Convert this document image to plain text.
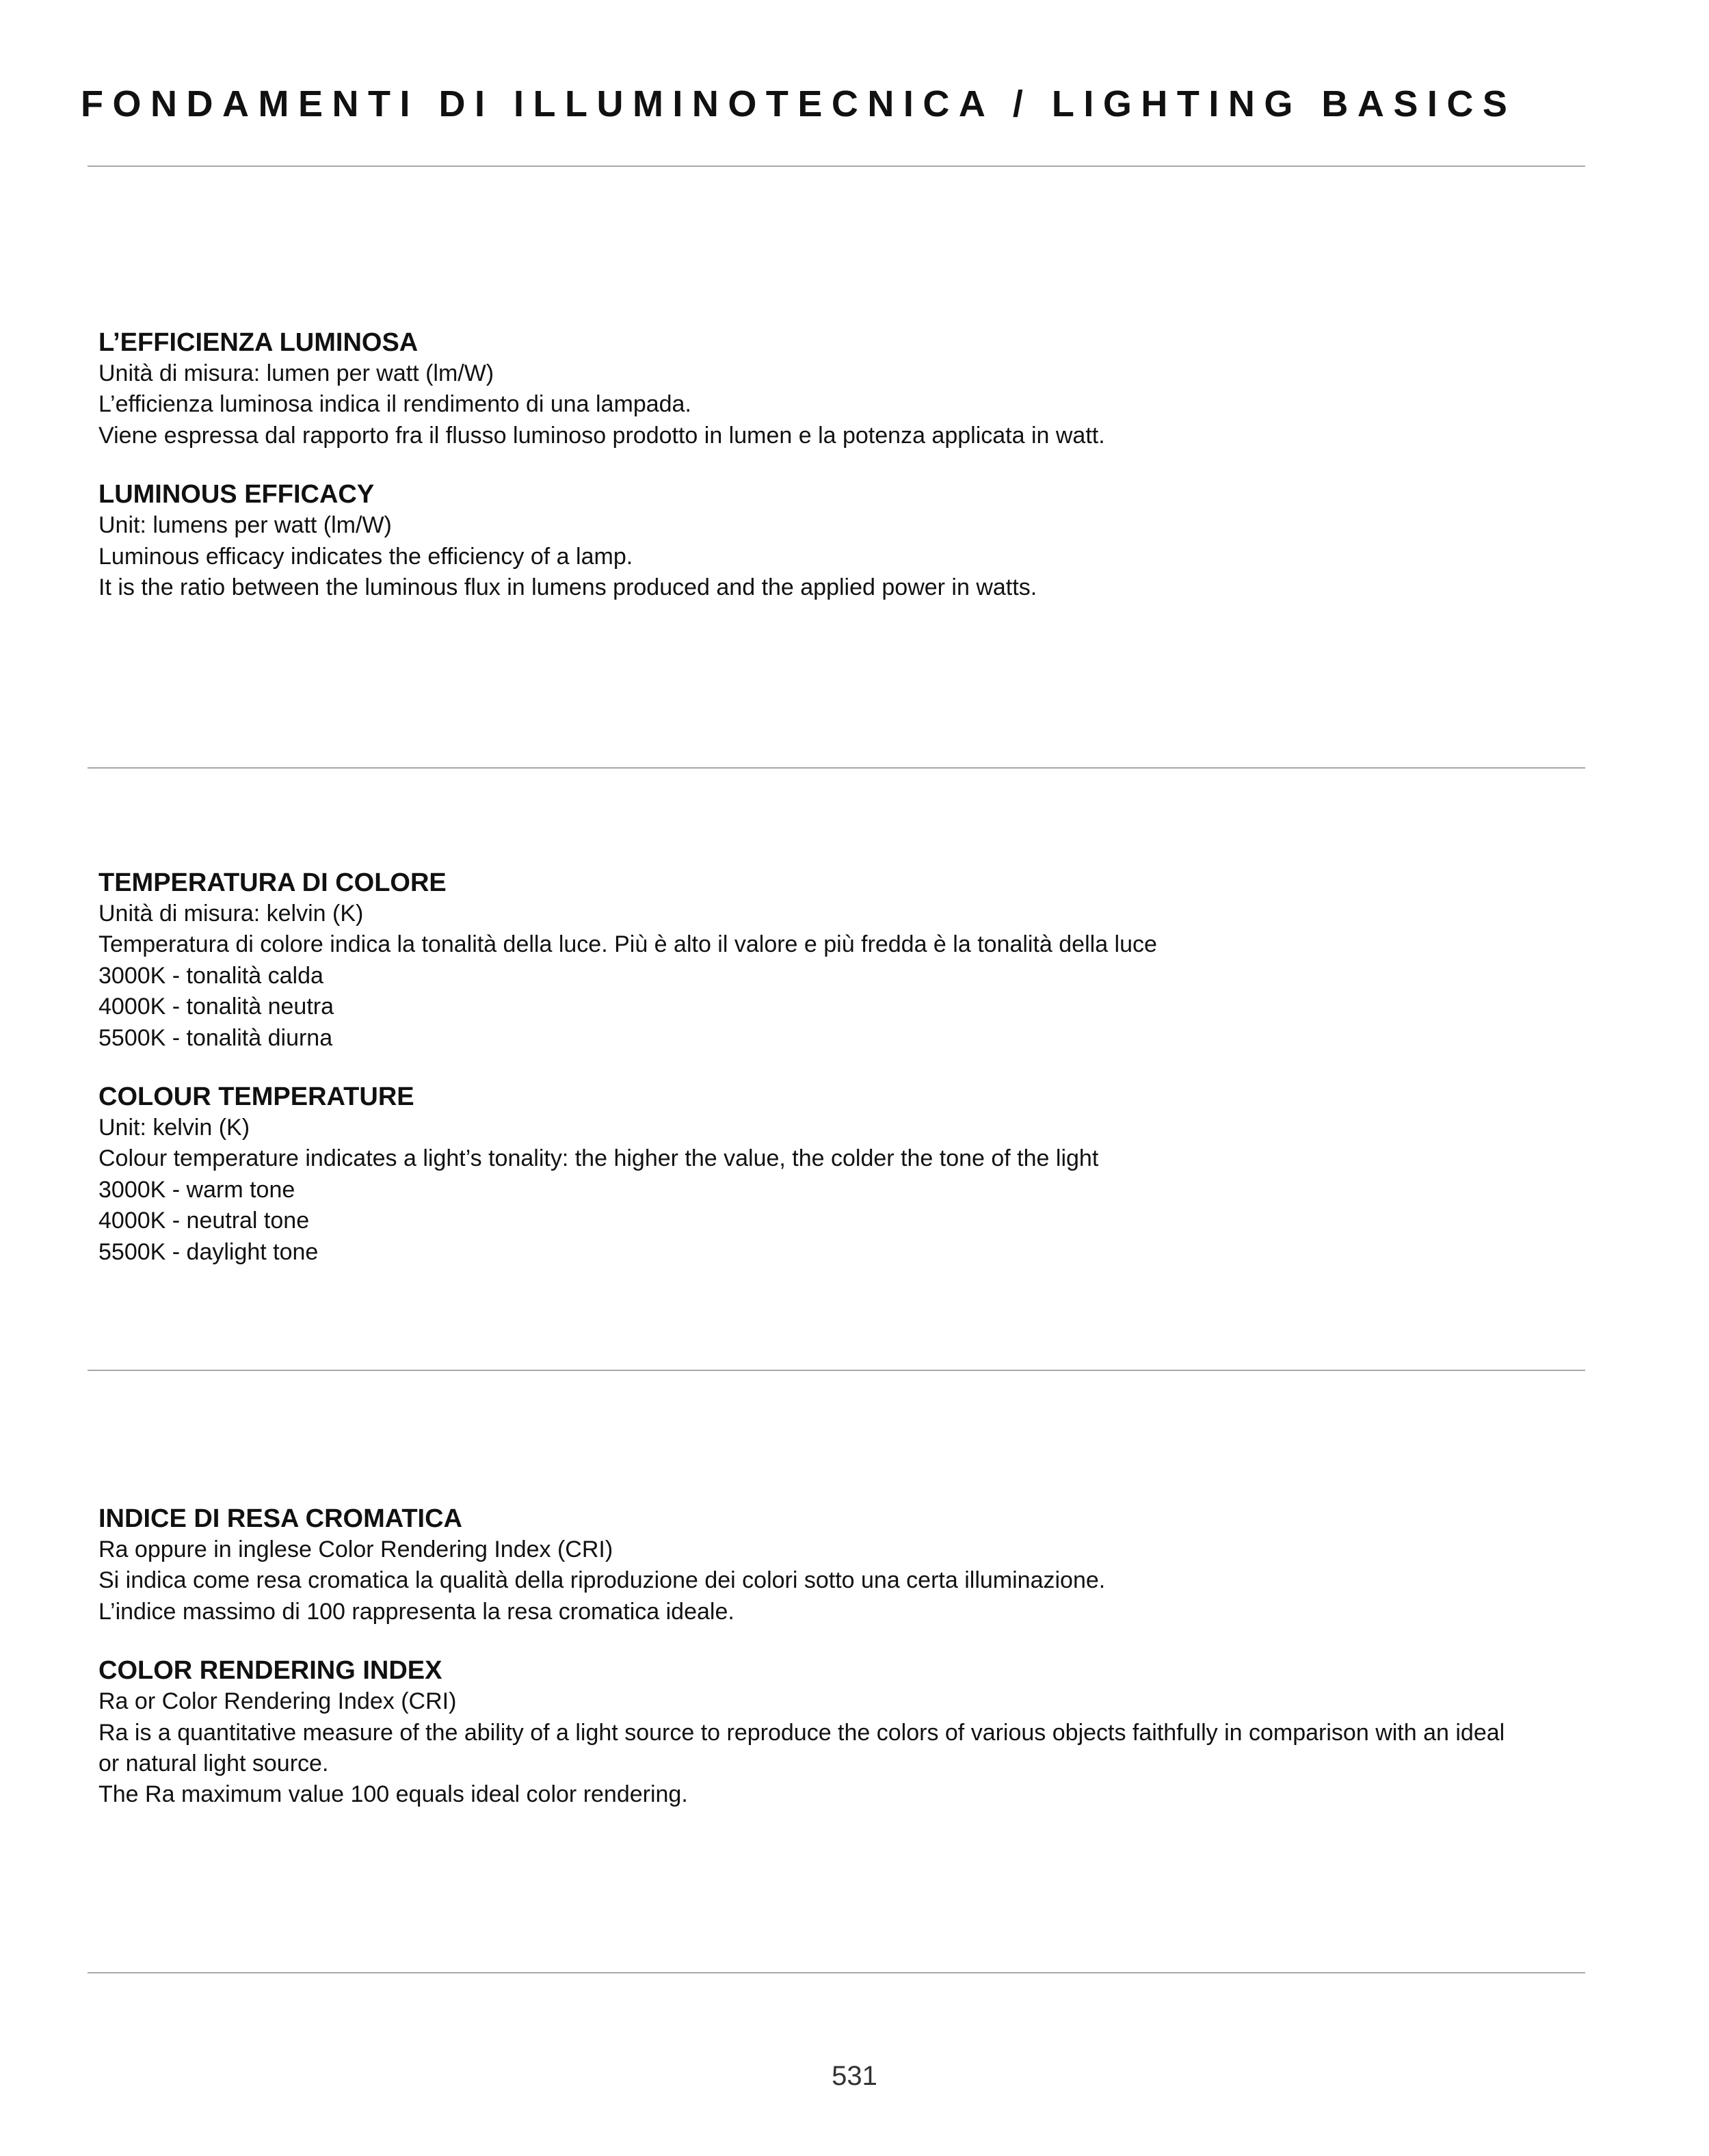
FONDAMENTI DI ILLUMINOTECNICA / LIGHTING BASICS
L’EFFICIENZA LUMINOSA

Unità di misura: lumen per watt (lm/W)

L’efficienza luminosa indica il rendimento di una lampada.

Viene espressa dal rapporto fra il flusso luminoso prodotto in lumen e la potenza applicata in watt.

LUMINOUS EFFICACY

Unit: lumens per watt (lm/W)

Luminous efficacy indicates the efficiency of a lamp.

It is the ratio between the luminous flux in lumens produced and the applied power in watts.

TEMPERATURA DI COLORE

Unità di misura: kelvin (K)

Temperatura di colore indica la tonalità della luce. Più è alto il valore e più fredda è la tonalità della luce

3000K - tonalità calda

4000K - tonalità neutra

5500K - tonalità diurna

COLOUR TEMPERATURE

Unit: kelvin (K)

Colour temperature indicates a light’s tonality: the higher the value, the colder the tone of the light

3000K - warm tone

4000K - neutral tone

5500K - daylight tone

INDICE DI RESA CROMATICA

Ra oppure in inglese Color Rendering Index (CRI)

Si indica come resa cromatica la qualità della riproduzione dei colori sotto una certa illuminazione.

L’indice massimo di 100 rappresenta la resa cromatica ideale.

COLOR RENDERING INDEX

Ra or Color Rendering Index (CRI)

Ra is a quantitative measure of the ability of a light source to reproduce the colors of various objects faithfully in comparison with an ideal

or natural light source.

The Ra maximum value 100 equals ideal color rendering.

531
